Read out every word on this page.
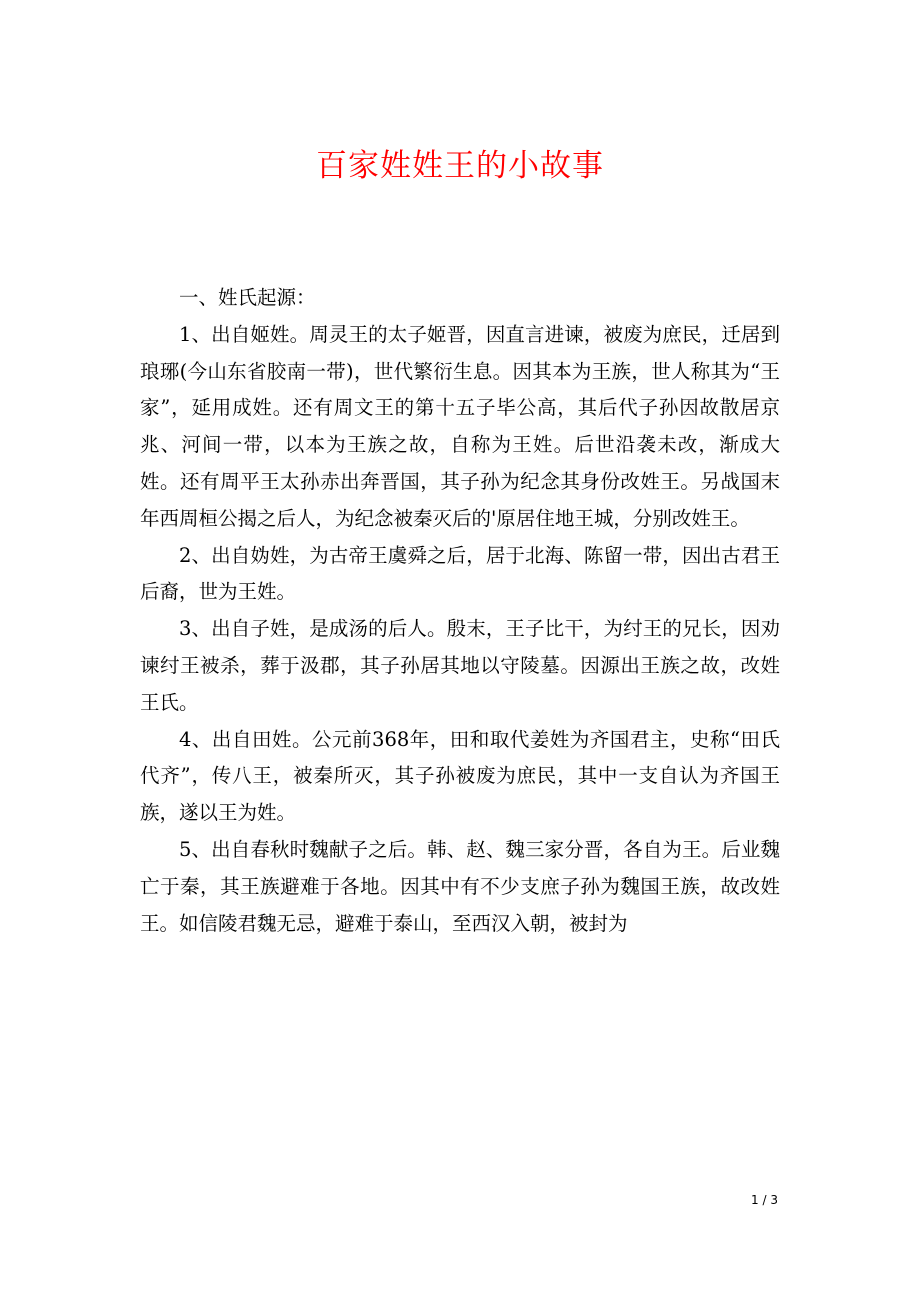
百家姓姓王的小故事

一、姓氏起源：

1、出自姬姓。周灵王的太子姬晋，因直言进谏，被废为庶民，迁居到琅琊(今山东省胶南一带)，世代繁衍生息。因其本为王族，世人称其为“王家”，延用成姓。还有周文王的第十五子毕公高，其后代子孙因故散居京兆、河间一带，以本为王族之故，自称为王姓。后世沿袭未改，渐成大姓。还有周平王太孙赤出奔晋国，其子孙为纪念其身份改姓王。另战国末年西周桓公揭之后人，为纪念被秦灭后的'原居住地王城，分别改姓王。

2、出自妫姓，为古帝王虞舜之后，居于北海、陈留一带，因出古君王后裔，世为王姓。

3、出自子姓，是成汤的后人。殷末，王子比干，为纣王的兄长，因劝谏纣王被杀，葬于汲郡，其子孙居其地以守陵墓。因源出王族之故，改姓王氏。

4、出自田姓。公元前368年，田和取代姜姓为齐国君主，史称“田氏代齐”，传八王，被秦所灭，其子孙被废为庶民，其中一支自认为齐国王族，遂以王为姓。

5、出自春秋时魏献子之后。韩、赵、魏三家分晋，各自为王。后业魏亡于秦，其王族避难于各地。因其中有不少支庶子孙为魏国王族，故改姓王。如信陵君魏无忌，避难于泰山，至西汉入朝，被封为

1 / 3
